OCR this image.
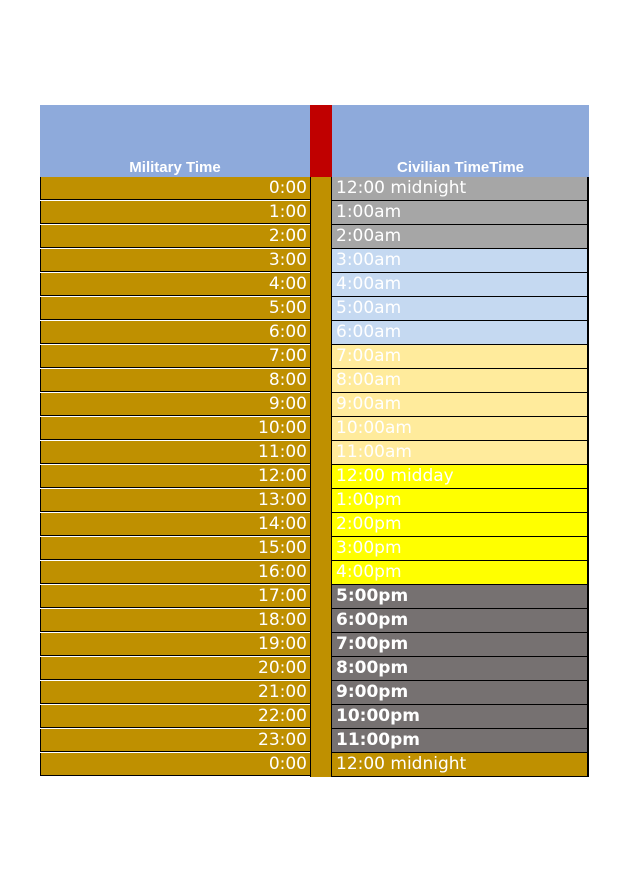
Military Time	Civilian TimeTime
0:00 12:00 midnight
1:00 1:00am
2:00 2:00am
3:00 3:00am
4:00 4:00am
5:00 5:00am
6:00 6:00am
7:00 7:00am
8:00 8:00am
9:00 9:00am
10:00 10:00am
11:00 11:00am
12:00 12:00 midday
13:00 1:00pm
14:00 2:00pm
15:00 3:00pm
16:00 4:00pm
17:00 5:00pm
18:00 6:00pm
19:00 7:00pm
20:00 8:00pm
21:00 9:00pm
22:00 10:00pm
23:00 11:00pm
0:00 12:00 midnight
